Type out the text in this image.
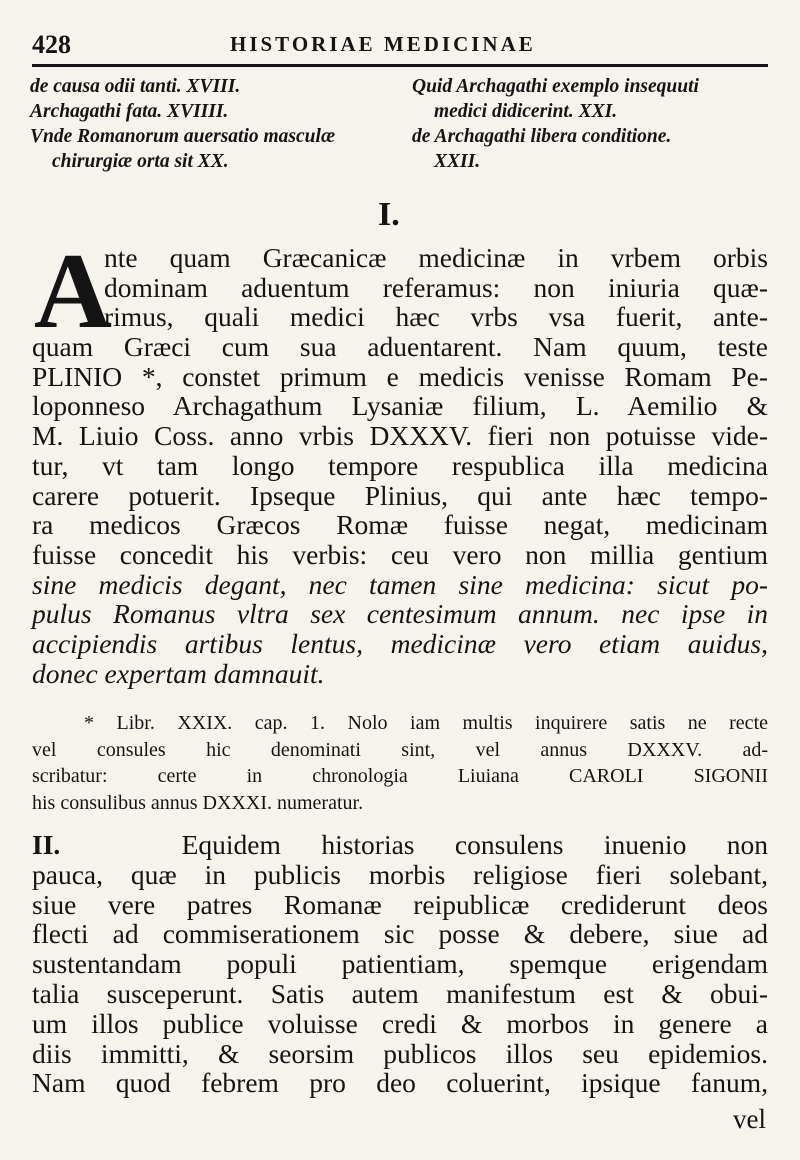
428	HISTORIAE MEDICINAE
de causa odii tanti. XVIII.
Archagathi fata. XVIIII.
Vnde Romanorum auersatio masculæ
chirurgiæ orta sit XX.
Quid Archagathi exemplo insequuti
medici didicerint. XXI.
de Archagathi libera conditione.
XXII.
I.
A
nte quam Græcanicæ medicinæ in vrbem orbis
dominam aduentum referamus: non iniuria quæ-
rimus, quali medici hæc vrbs vsa fuerit, ante-
quam Græci cum sua aduentarent. Nam quum, teste
PLINIO *, constet primum e medicis venisse Romam Pe-
loponneso Archagathum Lysaniæ filium, L. Aemilio &
M. Liuio Coss. anno vrbis DXXXV. fieri non potuisse vide-
tur, vt tam longo tempore respublica illa medicina
carere potuerit. Ipseque Plinius, qui ante hæc tempo-
ra medicos Græcos Romæ fuisse negat, medicinam
fuisse concedit his verbis: ceu vero non millia gentium
sine medicis degant, nec tamen sine medicina: sicut po-
pulus Romanus vltra sex centesimum annum. nec ipse in
accipiendis artibus lentus, medicinæ vero etiam auidus,
donec expertam damnauit.
* Libr. XXIX. cap. 1. Nolo iam multis inquirere satis ne recte
vel consules hic denominati sint, vel annus DXXXV. ad-
scribatur: certe in chronologia Liuiana CAROLI SIGONII
his consulibus annus DXXXI. numeratur.
II.	Equidem historias consulens inuenio non
pauca, quæ in publicis morbis religiose fieri solebant,
siue vere patres Romanæ reipublicæ crediderunt deos
flecti ad commiserationem sic posse & debere, siue ad
sustentandam populi patientiam, spemque erigendam
talia susceperunt. Satis autem manifestum est & obui-
um illos publice voluisse credi & morbos in genere a
diis immitti, & seorsim publicos illos seu epidemios.
Nam quod febrem pro deo coluerint, ipsique fanum,
vel
